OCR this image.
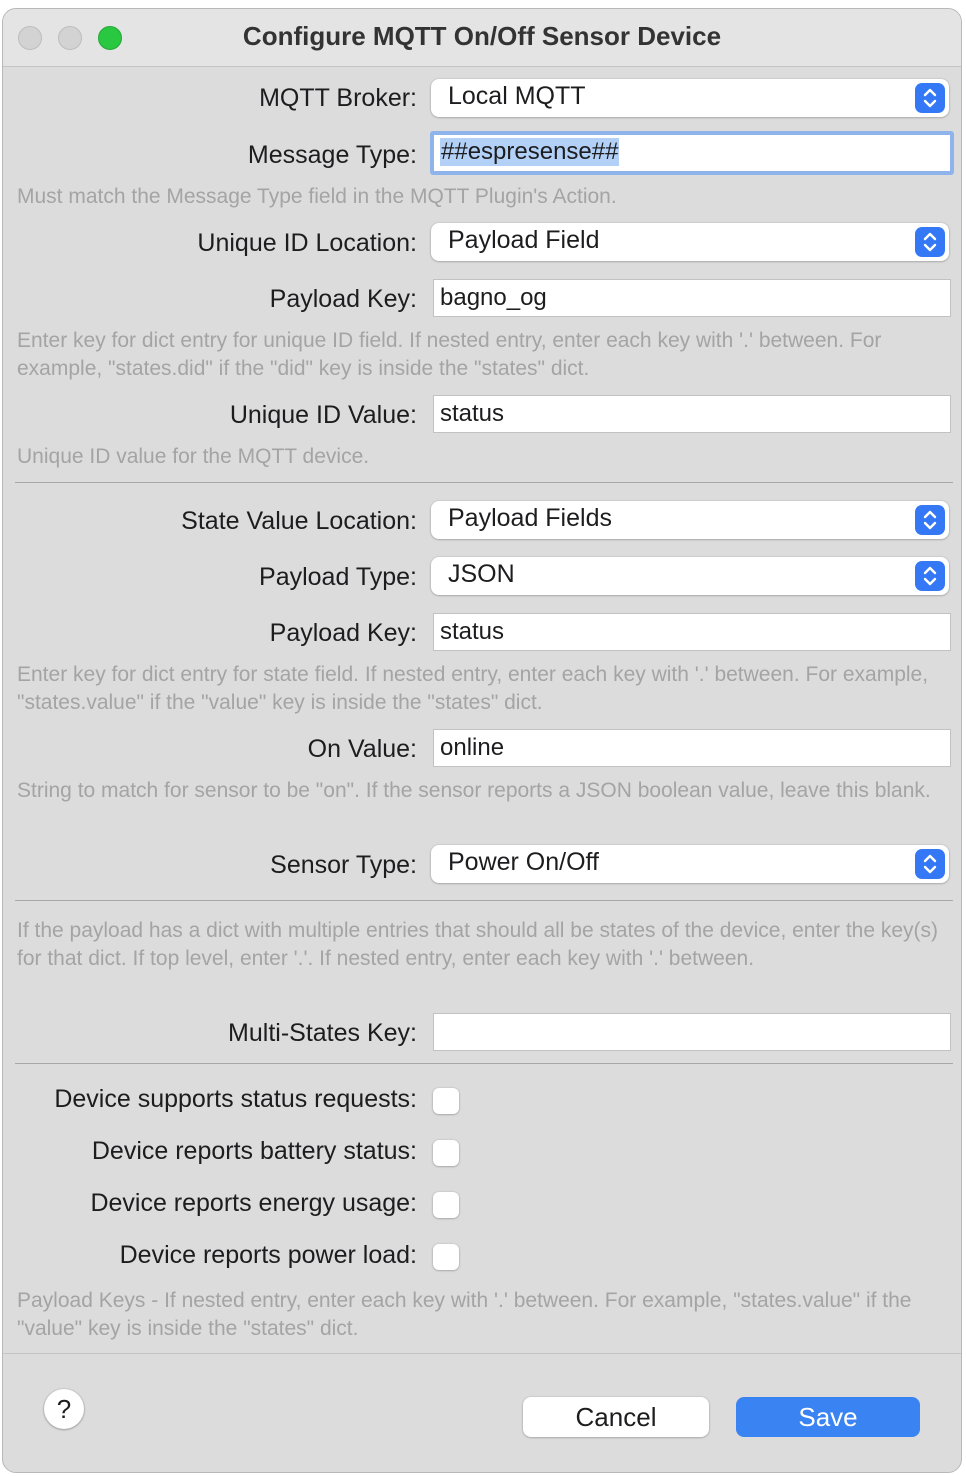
Configure MQTT On/Off Sensor Device
MQTT Broker: Local MQTT
Message Type: ##espresense##
Must match the Message Type field in the MQTT Plugin's Action.
Unique ID Location: Payload Field
Payload Key:
bagno_og
Enter key for dict entry for unique ID field. If nested entry, enter each key with '.' between. For example, "states.did" if the "did" key is inside the "states" dict.
Unique ID Value:
status
Unique ID value for the MQTT device.
State Value Location: Payload Fields
Payload Type: JSON
Payload Key:
status
Enter key for dict entry for state field. If nested entry, enter each key with '.' between. For example, "states.value" if the "value" key is inside the "states" dict.
On Value:
online
String to match for sensor to be "on". If the sensor reports a JSON boolean value, leave this blank.
Sensor Type: Power On/Off
If the payload has a dict with multiple entries that should all be states of the device, enter the key(s) for that dict. If top level, enter '.'. If nested entry, enter each key with '.' between.
Multi-States Key:
Device supports status requests:
Device reports battery status:
Device reports energy usage:
Device reports power load:
Payload Keys - If nested entry, enter each key with '.' between. For example, "states.value" if the "value" key is inside the "states" dict.
?	Cancel	Save
